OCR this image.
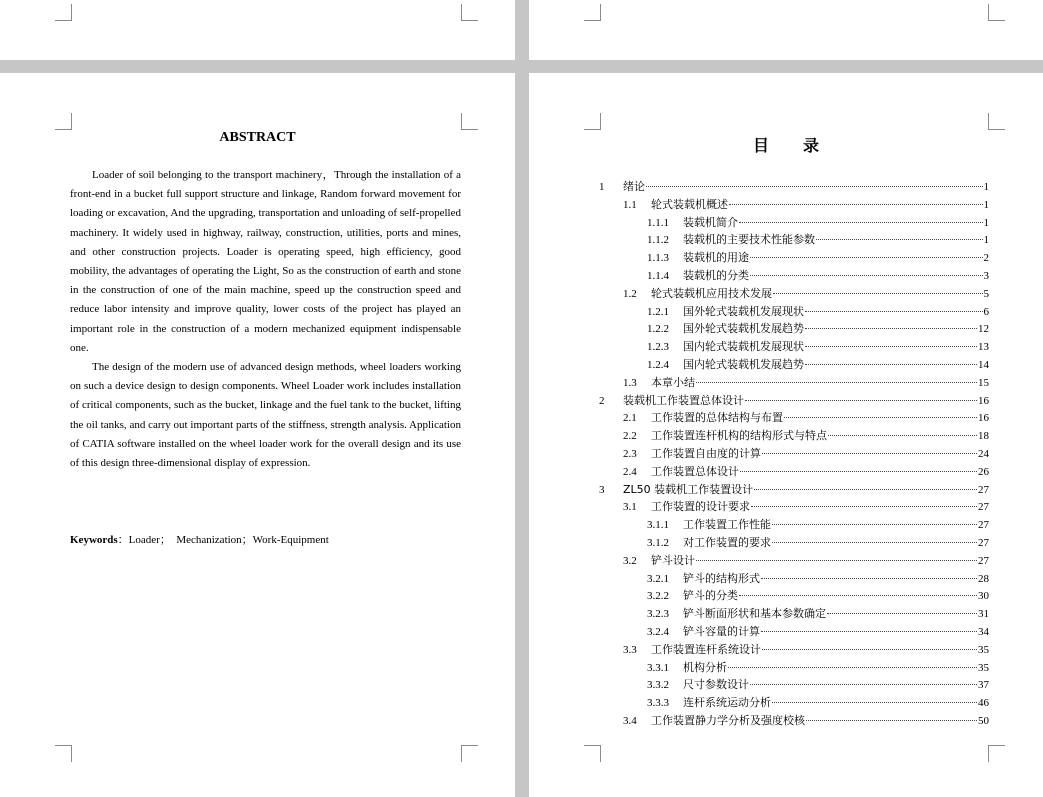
ABSTRACT

Loader of soil belonging to the transport machinery，Through the installation of a front-end in a bucket full support structure and linkage, Random forward movement for loading or excavation, And the upgrading, transportation and unloading of self-propelled machinery. It widely used in highway, railway, construction, utilities, ports and mines, and other construction projects. Loader is operating speed, high efficiency, good mobility, the advantages of operating the Light, So as the construction of earth and stone in the construction of one of the main machine, speed up the construction speed and reduce labor intensity and improve quality, lower costs of the project has played an important role in the construction of a modern mechanized equipment indispensable one.

The design of the modern use of advanced design methods, wheel loaders working on such a device design to design components. Wheel Loader work includes installation of critical components, such as the bucket, linkage and the fuel tank to the bucket, lifting the oil tanks, and carry out important parts of the stiffness, strength analysis. Application of CATIA software installed on the wheel loader work for the overall design and its use of this design three-dimensional display of expression.

Keywords：Loader；　Mechanization；Work-Equipment
目 录
1	绪论	1
1.1	轮式装载机概述	1
1.1.1	装载机简介	1
1.1.2	装载机的主要技术性能参数	1
1.1.3	装载机的用途	2
1.1.4	装载机的分类	3
1.2	轮式装载机应用技术发展	5
1.2.1	国外轮式装载机发展现状	6
1.2.2	国外轮式装载机发展趋势	12
1.2.3	国内轮式装载机发展现状	13
1.2.4	国内轮式装载机发展趋势	14
1.3	本章小结	15
2	装载机工作装置总体设计	16
2.1	工作装置的总体结构与布置	16
2.2	工作装置连杆机构的结构形式与特点	18
2.3	工作装置自由度的计算	24
2.4	工作装置总体设计	26
3	ZL50 装载机工作装置设计	27
3.1	工作装置的设计要求	27
3.1.1	工作装置工作性能	27
3.1.2	对工作装置的要求	27
3.2	铲斗设计	27
3.2.1	铲斗的结构形式	28
3.2.2	铲斗的分类	30
3.2.3	铲斗断面形状和基本参数确定	31
3.2.4	铲斗容量的计算	34
3.3	工作装置连杆系统设计	35
3.3.1	机构分析	35
3.3.2	尺寸参数设计	37
3.3.3	连杆系统运动分析	46
3.4	工作装置静力学分析及强度校核	50
